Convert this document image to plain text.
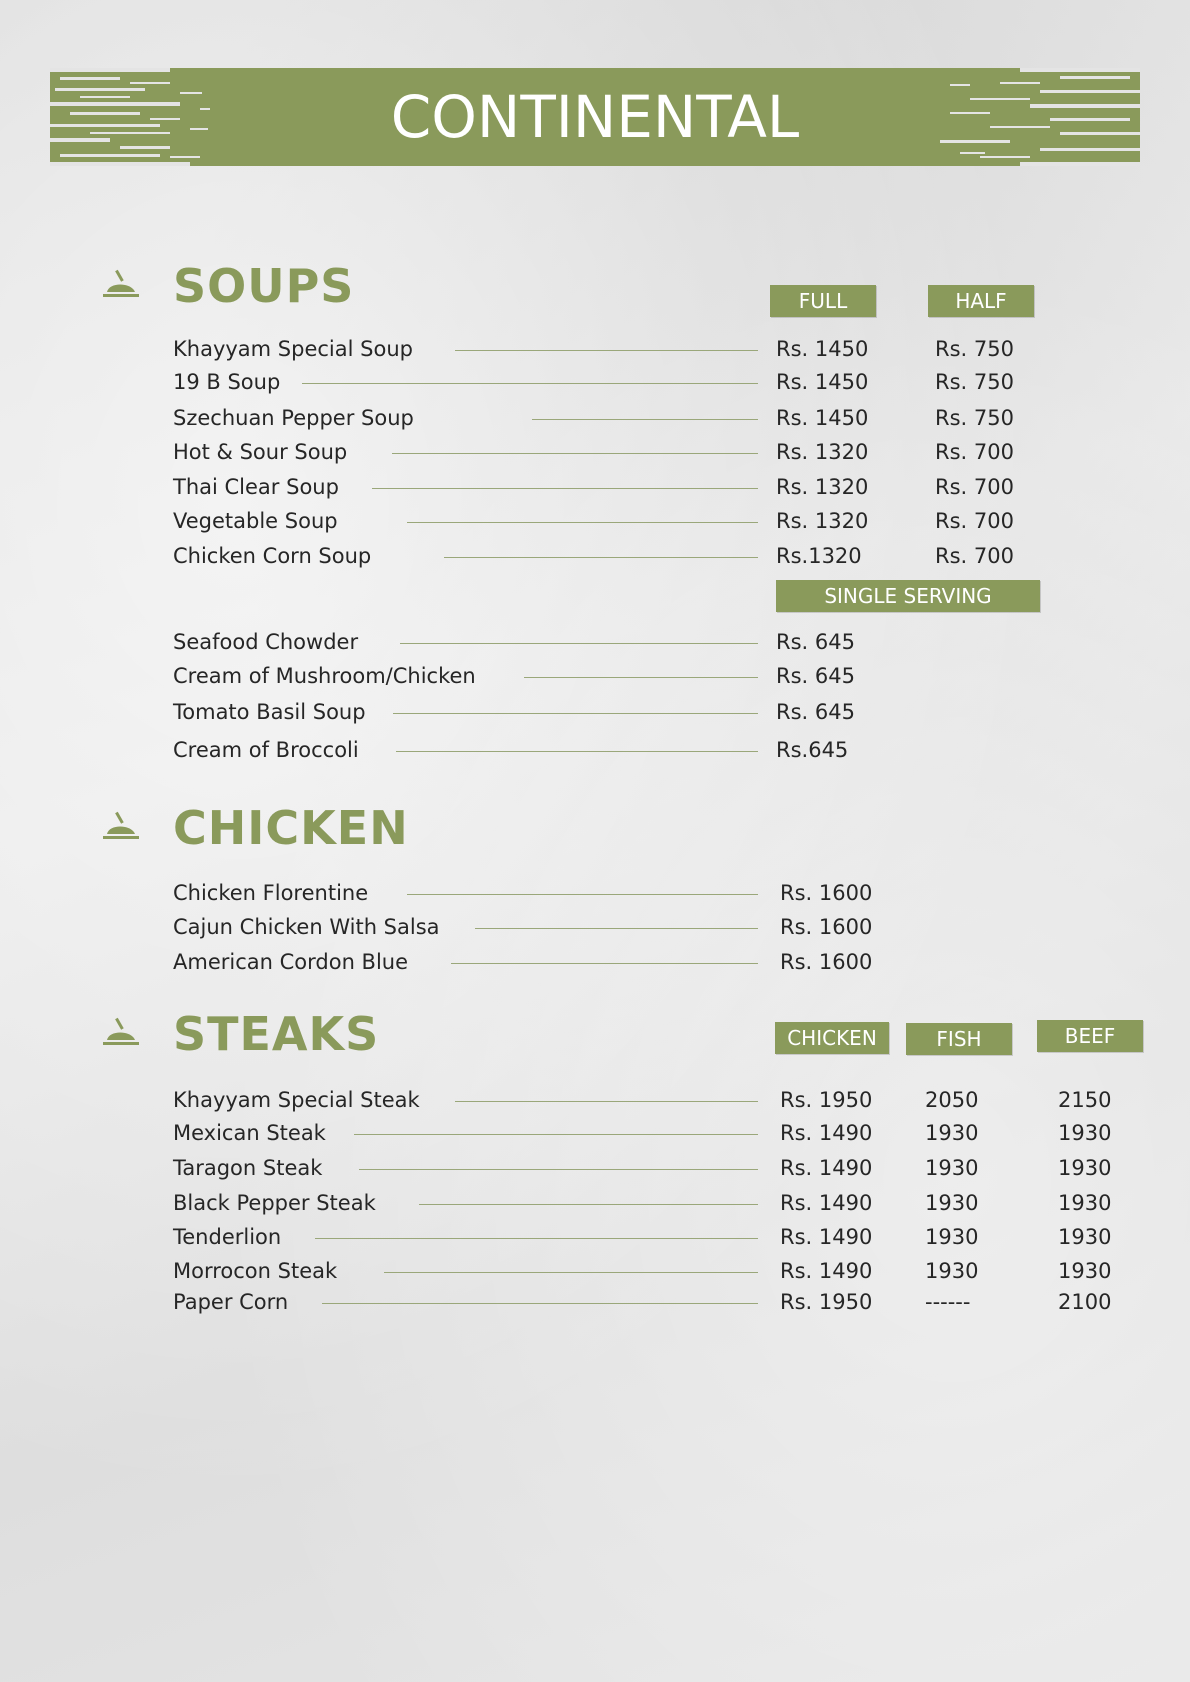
CONTINENTAL
SOUPS	FULL	HALF
Khayyam Special Soup	Rs. 1450	Rs. 750
19 B Soup	Rs. 1450	Rs. 750
Szechuan Pepper Soup	Rs. 1450	Rs. 750
Hot & Sour Soup	Rs. 1320	Rs. 700
Thai Clear Soup	Rs. 1320	Rs. 700
Vegetable Soup	Rs. 1320	Rs. 700
Chicken Corn Soup	Rs.1320	Rs. 700
SINGLE SERVING
Seafood Chowder	Rs. 645
Cream of Mushroom/Chicken	Rs. 645
Tomato Basil Soup	Rs. 645
Cream of Broccoli	Rs.645
CHICKEN
Chicken Florentine	Rs. 1600
Cajun Chicken With Salsa	Rs. 1600
American Cordon Blue	Rs. 1600
STEAKS	CHICKEN	FISH	BEEF
Khayyam Special Steak	Rs. 1950	2050	2150
Mexican Steak	Rs. 1490	1930	1930
Taragon Steak	Rs. 1490	1930	1930
Black Pepper Steak	Rs. 1490	1930	1930
Tenderlion	Rs. 1490	1930	1930
Morrocon Steak	Rs. 1490	1930	1930
Paper Corn	Rs. 1950	------	2100
